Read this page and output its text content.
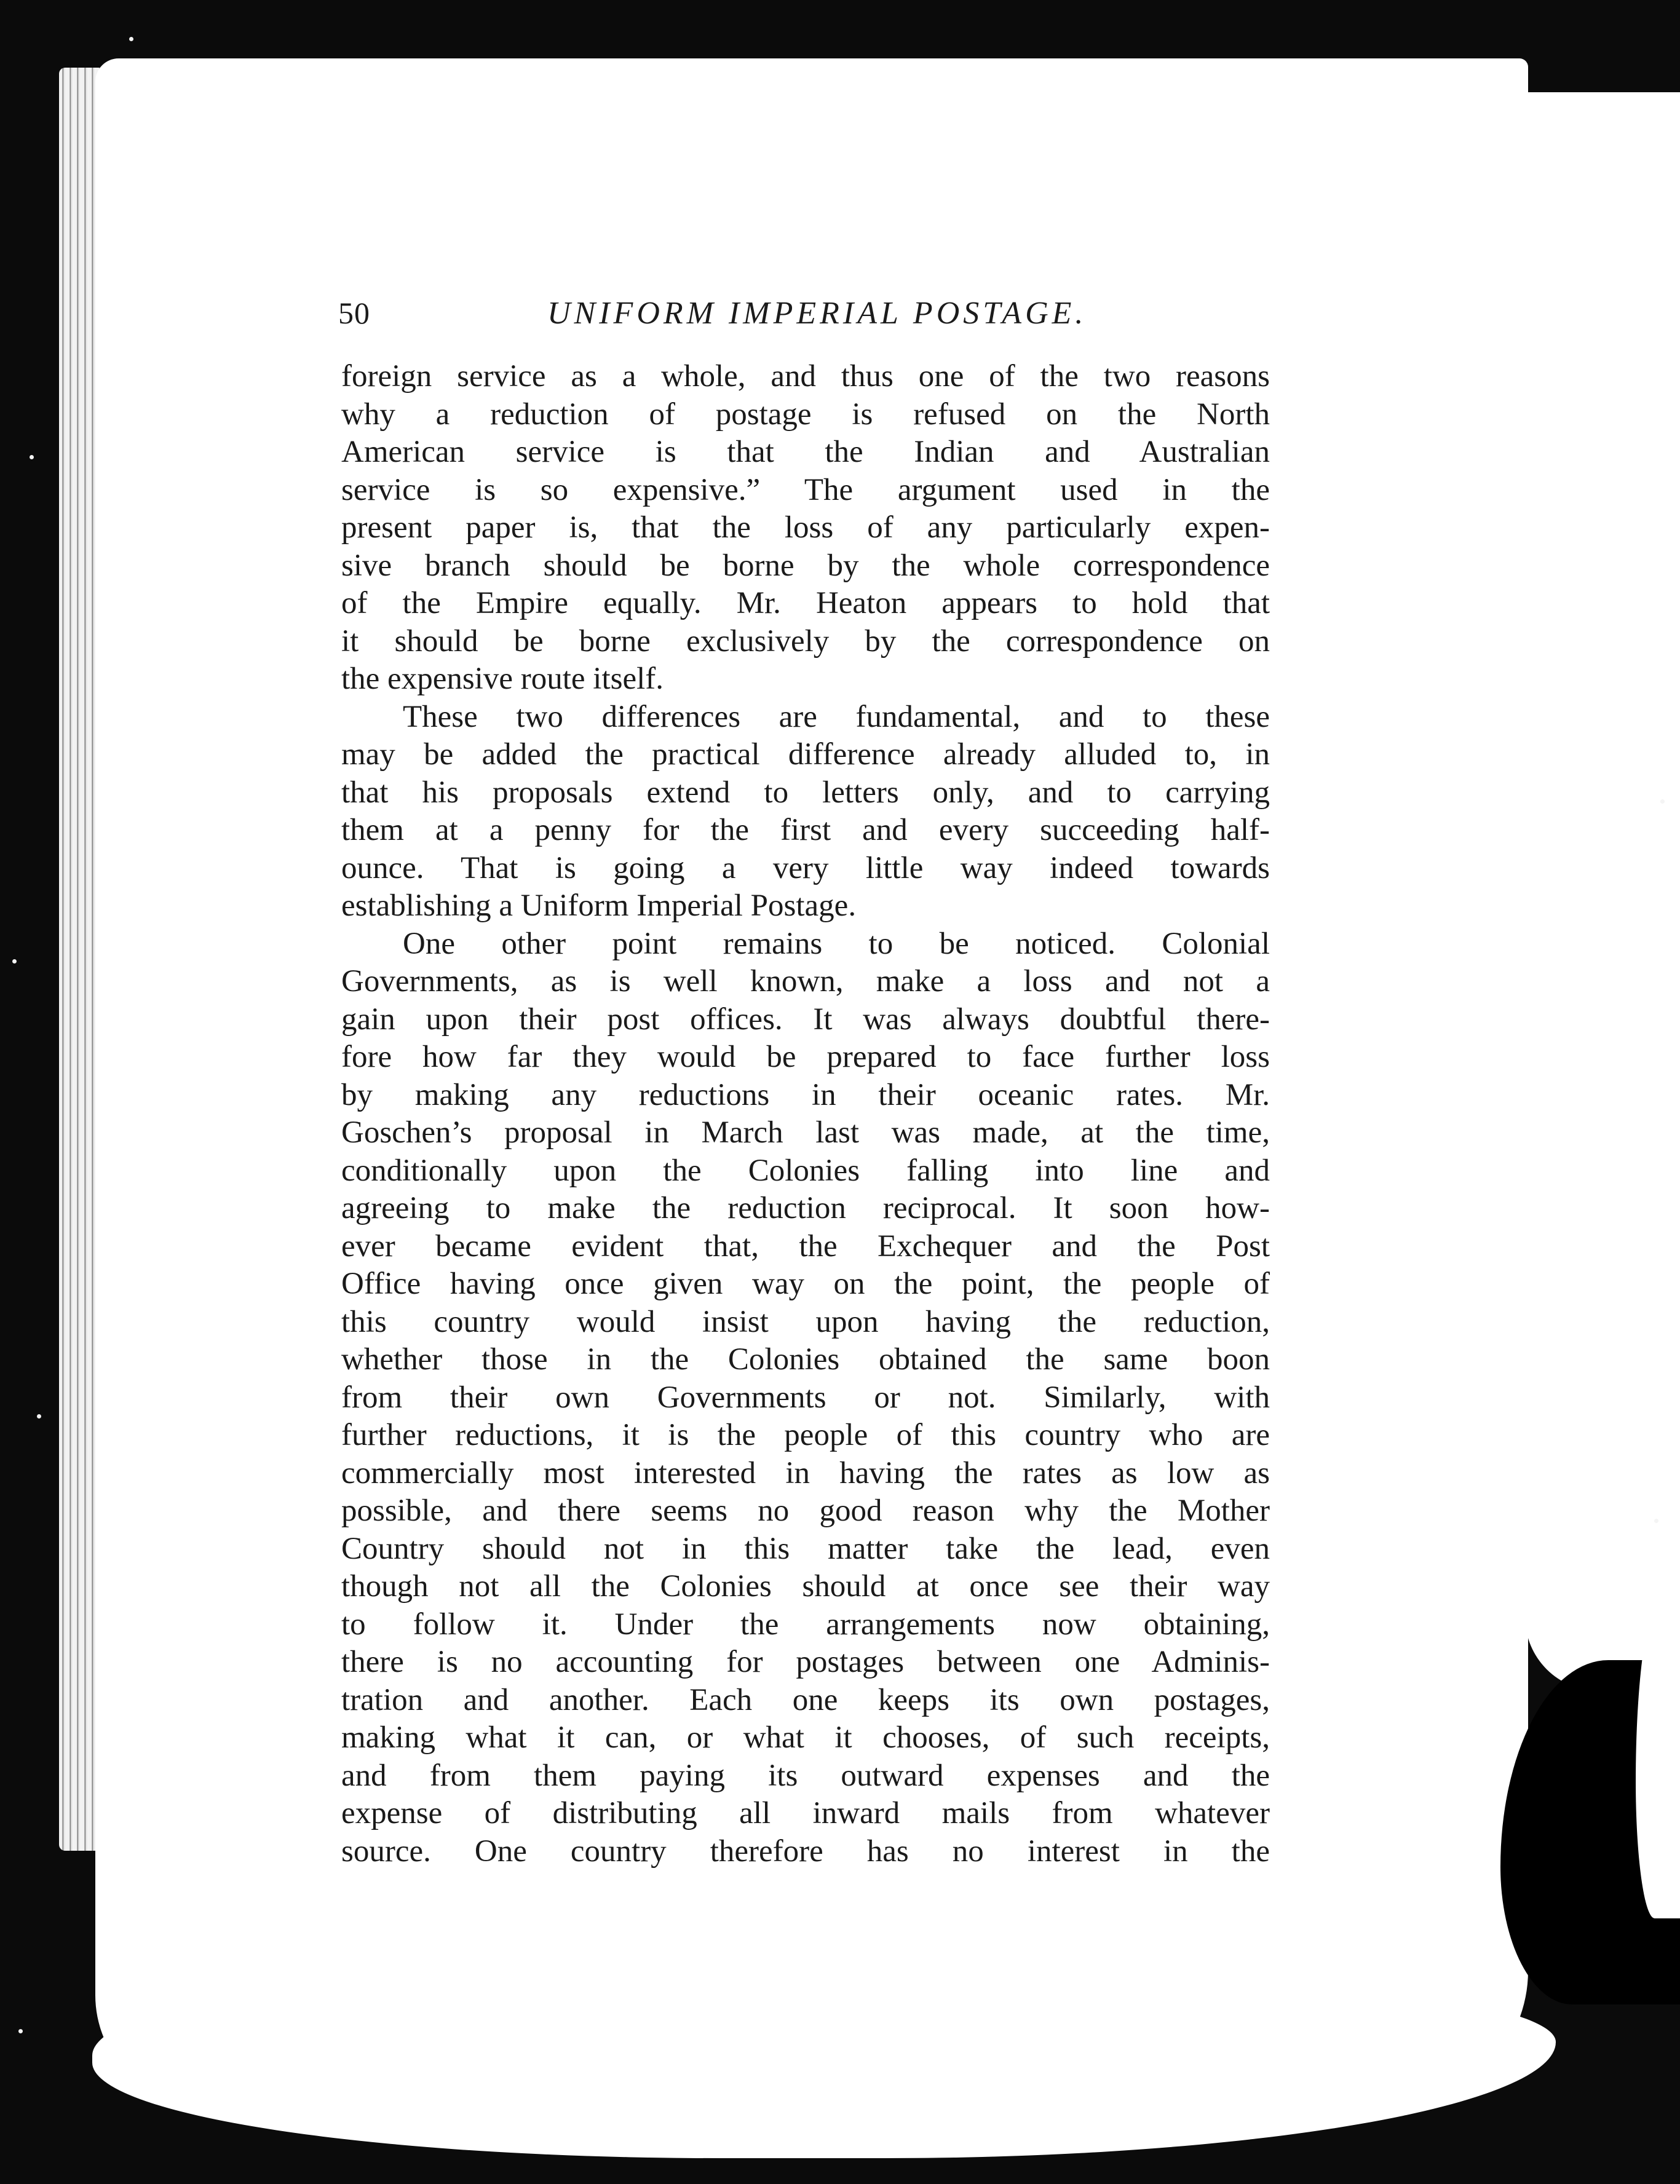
50	UNIFORM IMPERIAL POSTAGE.
foreign service as a whole, and thus one of the two reasons
why a reduction of postage is refused on the North
American service is that the Indian and Australian
service is so expensive.” The argument used in the
present paper is, that the loss of any particularly expen-
sive branch should be borne by the whole correspondence
of the Empire equally. Mr. Heaton appears to hold that
it should be borne exclusively by the correspondence on
the expensive route itself.
These two differences are fundamental, and to these
may be added the practical difference already alluded to, in
that his proposals extend to letters only, and to carrying
them at a penny for the first and every succeeding half-
ounce. That is going a very little way indeed towards
establishing a Uniform Imperial Postage.
One other point remains to be noticed. Colonial
Governments, as is well known, make a loss and not a
gain upon their post offices. It was always doubtful there-
fore how far they would be prepared to face further loss
by making any reductions in their oceanic rates. Mr.
Goschen’s proposal in March last was made, at the time,
conditionally upon the Colonies falling into line and
agreeing to make the reduction reciprocal. It soon how-
ever became evident that, the Exchequer and the Post
Office having once given way on the point, the people of
this country would insist upon having the reduction,
whether those in the Colonies obtained the same boon
from their own Governments or not. Similarly, with
further reductions, it is the people of this country who are
commercially most interested in having the rates as low as
possible, and there seems no good reason why the Mother
Country should not in this matter take the lead, even
though not all the Colonies should at once see their way
to follow it. Under the arrangements now obtaining,
there is no accounting for postages between one Adminis-
tration and another. Each one keeps its own postages,
making what it can, or what it chooses, of such receipts,
and from them paying its outward expenses and the
expense of distributing all inward mails from whatever
source. One country therefore has no interest in the
